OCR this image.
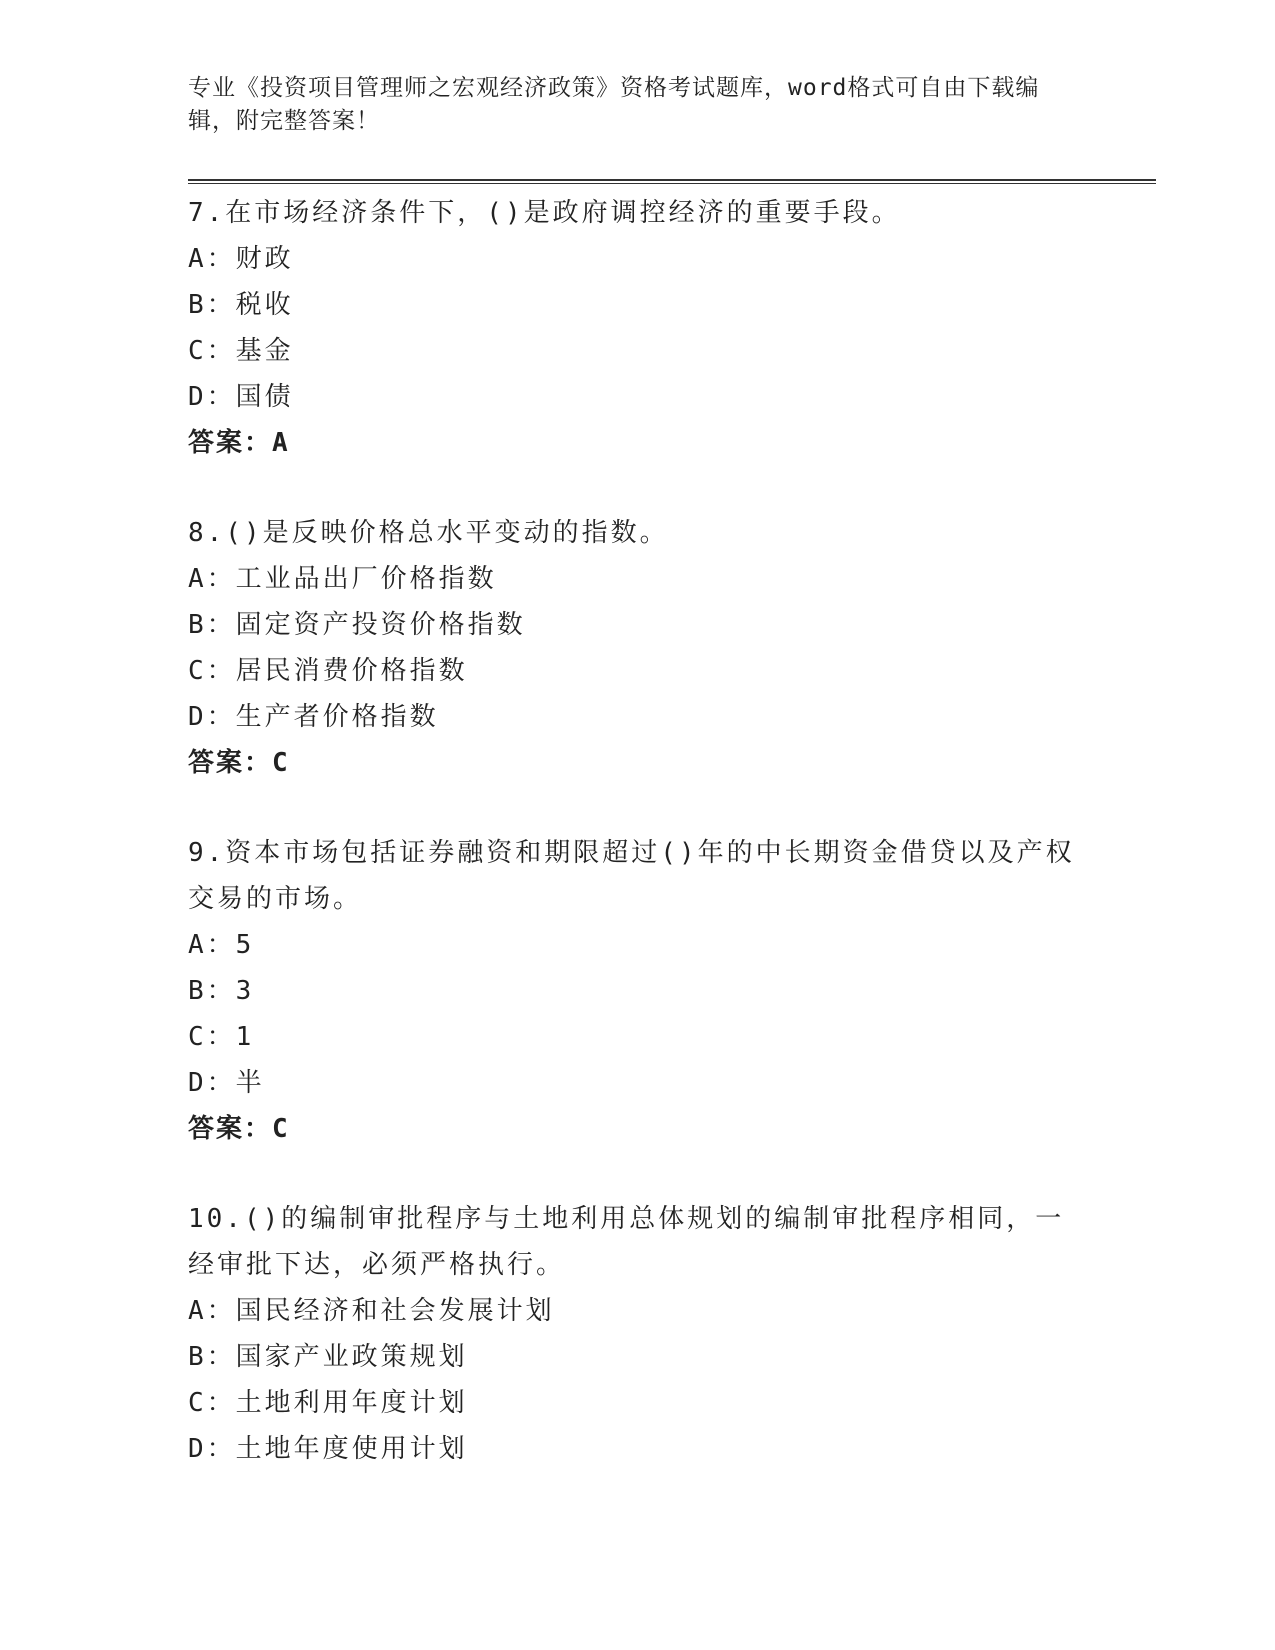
专业《投资项目管理师之宏观经济政策》资格考试题库，word格式可自由下载编辑，附完整答案！
7.在市场经济条件下，()是政府调控经济的重要手段。
A：财政
B：税收
C：基金
D：国债
答案：A
8.()是反映价格总水平变动的指数。
A：工业品出厂价格指数
B：固定资产投资价格指数
C：居民消费价格指数
D：生产者价格指数
答案：C
9.资本市场包括证券融资和期限超过()年的中长期资金借贷以及产权交易的市场。
A：5
B：3
C：1
D：半
答案：C
10.()的编制审批程序与土地利用总体规划的编制审批程序相同，一经审批下达，必须严格执行。
A：国民经济和社会发展计划
B：国家产业政策规划
C：土地利用年度计划
D：土地年度使用计划
